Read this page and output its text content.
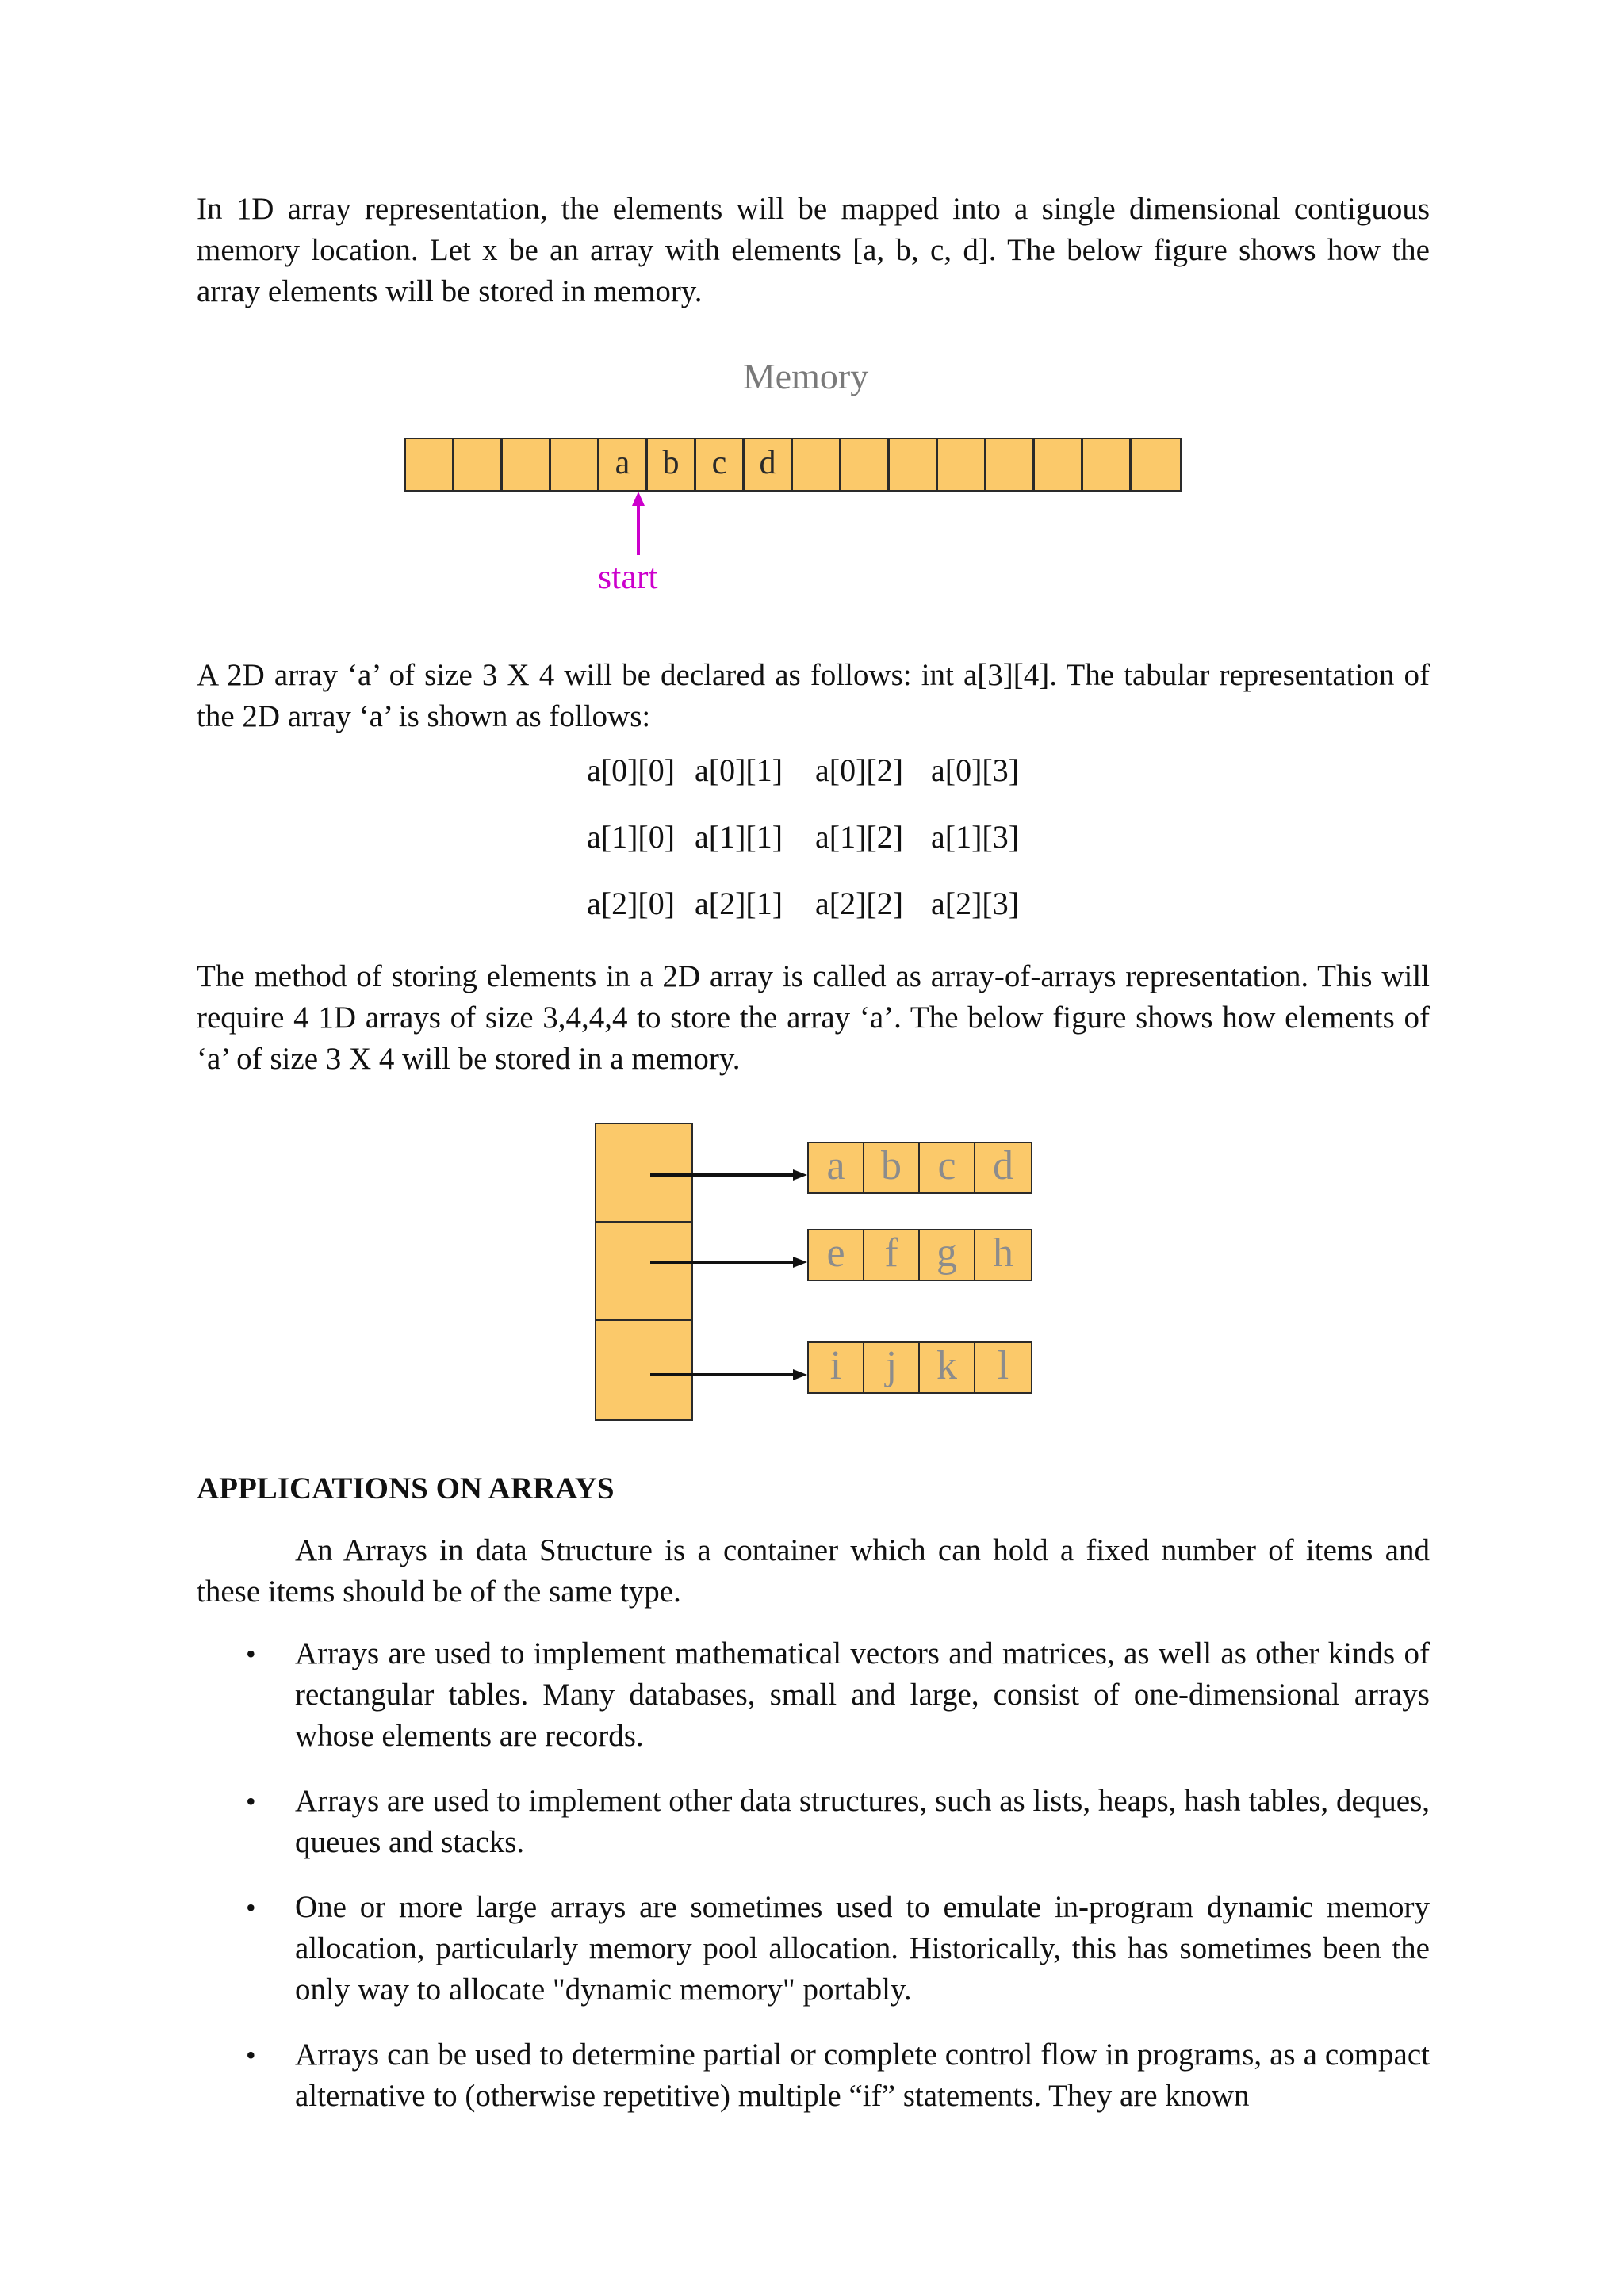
In 1D array representation, the elements will be mapped into a single dimensional contiguous memory location. Let x be an array with elements [a, b, c, d]. The below figure shows how the array elements will be stored in memory.

Memory
a b c d
start

A 2D array ‘a’ of size 3 X 4 will be declared as follows: int a[3][4]. The tabular representation of the 2D array ‘a’ is shown as follows:

a[0][0] a[0][1]	a[0][2] a[0][3]
a[1][0] a[1][1]	a[1][2] a[1][3]
a[2][0] a[2][1]	a[2][2] a[2][3]

The method of storing elements in a 2D array is called as array-of-arrays representation. This will require 4 1D arrays of size 3,4,4,4 to store the array ‘a’. The below figure shows how elements of ‘a’ of size 3 X 4 will be stored in a memory.

a b c d
e f g h
i	j k l
APPLICATIONS ON ARRAYS

An Arrays in data Structure is a container which can hold a fixed number of items and these items should be of the same type.

• Arrays are used to implement mathematical vectors and matrices, as well as other kinds of rectangular tables. Many databases, small and large, consist of one-dimensional arrays whose elements are records.
• Arrays are used to implement other data structures, such as lists, heaps, hash tables, deques, queues and stacks.
• One or more large arrays are sometimes used to emulate in-program dynamic memory allocation, particularly memory pool allocation. Historically, this has sometimes been the only way to allocate "dynamic memory" portably.
• Arrays can be used to determine partial or complete control flow in programs, as a compact alternative to (otherwise repetitive) multiple “if” statements. They are known
